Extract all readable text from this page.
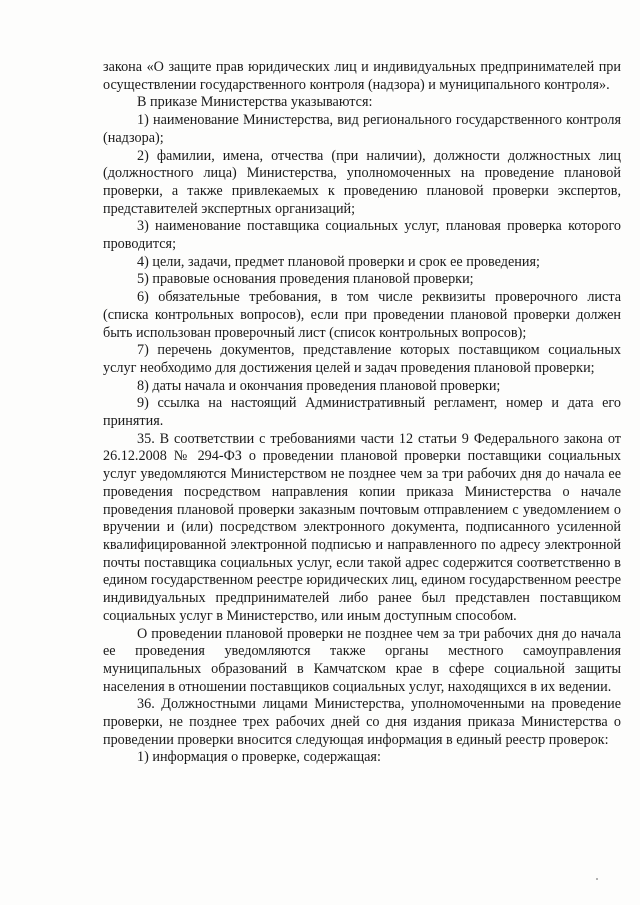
закона «О защите прав юридических лиц и индивидуальных предпринимателей при осуществлении государственного контроля (надзора) и муниципального контроля».

В приказе Министерства указываются:

1) наименование Министерства, вид регионального государственного контроля (надзора);

2) фамилии, имена, отчества (при наличии), должности должностных лиц (должностного лица) Министерства, уполномоченных на проведение плановой проверки, а также привлекаемых к проведению плановой проверки экспертов, представителей экспертных организаций;

3) наименование поставщика социальных услуг, плановая проверка которого проводится;

4) цели, задачи, предмет плановой проверки и срок ее проведения;

5) правовые основания проведения плановой проверки;

6) обязательные требования, в том числе реквизиты проверочного листа (списка контрольных вопросов), если при проведении плановой проверки должен быть использован проверочный лист (список контрольных вопросов);

7) перечень документов, представление которых поставщиком социальных услуг необходимо для достижения целей и задач проведения плановой проверки;

8) даты начала и окончания проведения плановой проверки;

9) ссылка на настоящий Административный регламент, номер и дата его принятия.

35. В соответствии с требованиями части 12 статьи 9 Федерального закона от 26.12.2008 № 294-ФЗ о проведении плановой проверки поставщики социальных услуг уведомляются Министерством не позднее чем за три рабочих дня до начала ее проведения посредством направления копии приказа Министерства о начале проведения плановой проверки заказным почтовым отправлением с уведомлением о вручении и (или) посредством электронного документа, подписанного усиленной квалифицированной электронной подписью и направленного по адресу электронной почты поставщика социальных услуг, если такой адрес содержится соответственно в едином государственном реестре юридических лиц, едином государственном реестре индивидуальных предпринимателей либо ранее был представлен поставщиком социальных услуг в Министерство, или иным доступным способом.

О проведении плановой проверки не позднее чем за три рабочих дня до начала ее проведения уведомляются также органы местного самоуправления муниципальных образований в Камчатском крае в сфере социальной защиты населения в отношении поставщиков социальных услуг, находящихся в их ведении.

36. Должностными лицами Министерства, уполномоченными на проведение проверки, не позднее трех рабочих дней со дня издания приказа Министерства о проведении проверки вносится следующая информация в единый реестр проверок:

1) информация о проверке, содержащая:
